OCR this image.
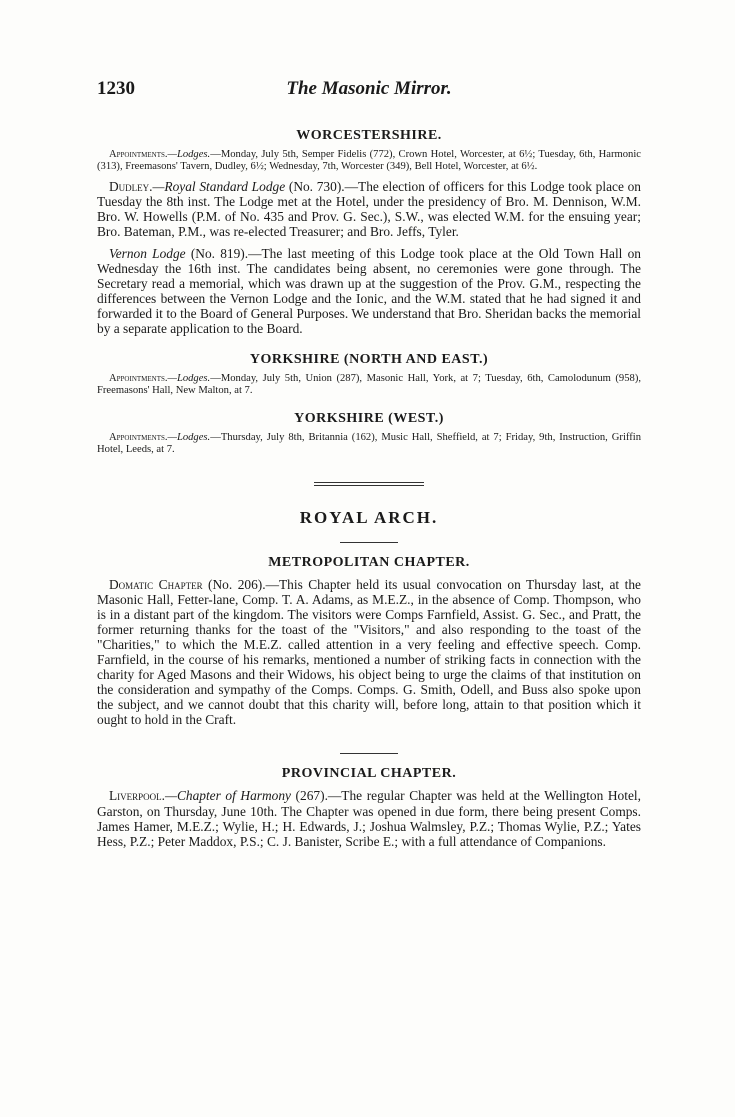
1230	The Masonic Mirror.
WORCESTERSHIRE.

Appointments.—Lodges.—Monday, July 5th, Semper Fidelis (772), Crown Hotel, Worcester, at 6½; Tuesday, 6th, Harmonic (313), Freemasons' Tavern, Dudley, 6½; Wednesday, 7th, Worcester (349), Bell Hotel, Worcester, at 6½.

Dudley.—Royal Standard Lodge (No. 730).—The election of officers for this Lodge took place on Tuesday the 8th inst. The Lodge met at the Hotel, under the presidency of Bro. M. Dennison, W.M. Bro. W. Howells (P.M. of No. 435 and Prov. G. Sec.), S.W., was elected W.M. for the ensuing year; Bro. Bateman, P.M., was re-elected Treasurer; and Bro. Jeffs, Tyler.

Vernon Lodge (No. 819).—The last meeting of this Lodge took place at the Old Town Hall on Wednesday the 16th inst. The candidates being absent, no ceremonies were gone through. The Secretary read a memorial, which was drawn up at the suggestion of the Prov. G.M., respecting the differences between the Vernon Lodge and the Ionic, and the W.M. stated that he had signed it and forwarded it to the Board of General Purposes. We understand that Bro. Sheridan backs the memorial by a separate application to the Board.

YORKSHIRE (NORTH AND EAST.)

Appointments.—Lodges.—Monday, July 5th, Union (287), Masonic Hall, York, at 7; Tuesday, 6th, Camolodunum (958), Freemasons' Hall, New Malton, at 7.

YORKSHIRE (WEST.)

Appointments.—Lodges.—Thursday, July 8th, Britannia (162), Music Hall, Sheffield, at 7; Friday, 9th, Instruction, Griffin Hotel, Leeds, at 7.

ROYAL ARCH.
METROPOLITAN CHAPTER.

Domatic Chapter (No. 206).—This Chapter held its usual convocation on Thursday last, at the Masonic Hall, Fetter-lane, Comp. T. A. Adams, as M.E.Z., in the absence of Comp. Thompson, who is in a distant part of the kingdom. The visitors were Comps Farnfield, Assist. G. Sec., and Pratt, the former returning thanks for the toast of the "Visitors," and also responding to the toast of the "Charities," to which the M.E.Z. called attention in a very feeling and effective speech. Comp. Farnfield, in the course of his remarks, mentioned a number of striking facts in connection with the charity for Aged Masons and their Widows, his object being to urge the claims of that institution on the consideration and sympathy of the Comps. Comps. G. Smith, Odell, and Buss also spoke upon the subject, and we cannot doubt that this charity will, before long, attain to that position which it ought to hold in the Craft.

PROVINCIAL CHAPTER.

Liverpool.—Chapter of Harmony (267).—The regular Chapter was held at the Wellington Hotel, Garston, on Thursday, June 10th. The Chapter was opened in due form, there being present Comps. James Hamer, M.E.Z.; Wylie, H.; H. Edwards, J.; Joshua Walmsley, P.Z.; Thomas Wylie, P.Z.; Yates Hess, P.Z.; Peter Maddox, P.S.; C. J. Banister, Scribe E.; with a full attendance of Companions.
